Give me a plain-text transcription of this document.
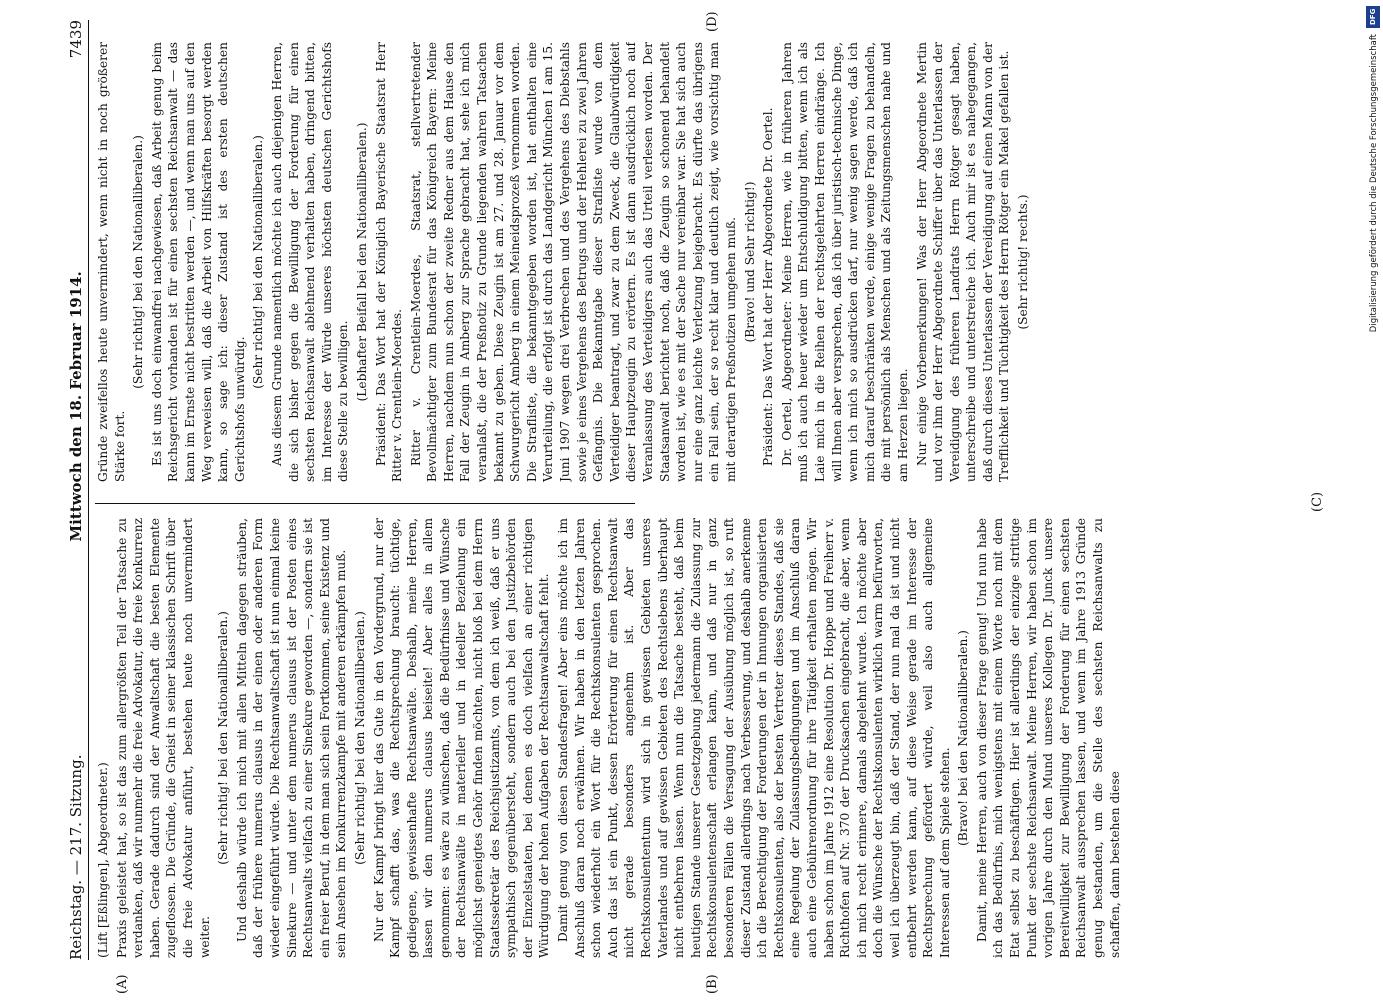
Reichstag. — 217. Sitzung.
Mittwoch den 18. Februar 1914.
7439
(A)	(B)
(C)
(D)

(Lift [Eßlingen], Abgeordneter.) Praxis geleistet hat, so ist das zum allergrößten Teil der Tatsache zu verdanken, daß wir nunmehr die freie Advokatur, die freie Konkurrenz haben. Gerade dadurch sind der Anwaltschaft die besten Elemente zugeflossen. Die Gründe, die Gneist in seiner klassischen Schrift über die freie Advokatur anführt, bestehen heute noch unvermindert weiter.

(Sehr richtig! bei den Nationalliberalen.) Und deshalb würde ich mich mit allen Mitteln dagegen sträuben, daß der frühere numerus clausus in der einen oder anderen Form wieder eingeführt würde. Die Rechtsanwaltschaft ist nun einmal keine Sinekure — und unter dem numerus clausus ist der Posten eines Rechtsanwalts vielfach zu einer Sinekure geworden —, sondern sie ist ein freier Beruf, in dem man sich sein Fortkommen, seine Existenz und sein Ansehen im Konkurrenzkampfe mit anderen erkämpfen muß. (Sehr richtig! bei den Nationalliberalen.) Nur der Kampf bringt hier das Gute in den Vordergrund, nur der Kampf schafft das, was die Rechtsprechung braucht: tüchtige, gediegene, gewissenhafte Rechtsanwälte. Deshalb, meine Herren, lassen wir den numerus clausus beiseite! Aber alles in allem genommen: es wäre zu wünschen, daß die Bedürfnisse und Wünsche der Rechtsanwälte in materieller und in ideeller Beziehung ein möglichst geneigtes Gehör finden möchten, nicht bloß bei dem Herrn Staatssekretär des Reichsjustizamts, von dem ich weiß, daß er uns sympathisch gegenübersteht, sondern auch bei den Justizbehörden der Einzelstaaten, bei denen es doch vielfach an einer richtigen Würdigung der hohen Aufgaben der Rechtsanwaltschaft fehlt. Damit genug von diesen Standesfragen! Aber eins möchte ich im Anschluß daran noch erwähnen. Wir haben in den letzten Jahren schon wiederholt ein Wort für die Rechtskonsulenten gesprochen. Auch das ist ein Punkt, dessen Erörterung für einen Rechtsanwalt nicht gerade besonders angenehm ist. Aber das Rechtskonsulententum wird sich in gewissen Gebieten unseres Vaterlandes und auf gewissen Gebieten des Rechtslebens überhaupt nicht entbehren lassen. Wenn nun die Tatsache besteht, daß beim heutigen Stande unserer Gesetzgebung jedermann die Zulassung zur Rechtskonsulentenschaft erlangen kann, und daß nur in ganz besonderen Fällen die Versagung der Ausübung möglich ist, so ruft dieser Zustand allerdings nach Verbesserung, und deshalb anerkenne ich die Berechtigung der Forderungen der in Innungen organisierten Rechtskonsulenten, also der besten Vertreter dieses Standes, daß sie eine Regelung der Zulassungsbedingungen und im Anschluß daran auch eine Gebührenordnung für ihre Tätigkeit erhalten mögen. Wir haben schon im Jahre 1912 eine Resolution Dr. Hoppe und Freiherr v. Richthofen auf Nr. 370 der Drucksachen eingebracht, die aber, wenn ich mich recht erinnere, damals abgelehnt wurde. Ich möchte aber doch die Wünsche der Rechtskonsulenten wirklich warm befürworten, weil ich überzeugt bin, daß der Stand, der nun mal da ist und nicht entbehrt werden kann, auf diese Weise gerade im Interesse der Rechtsprechung gefördert würde, weil also auch allgemeine Interessen auf dem Spiele stehen.

(Bravo! bei den Nationalliberalen.) Damit, meine Herren, auch von dieser Frage genug! Und nun habe ich das Bedürfnis, mich wenigstens mit einem Worte noch mit dem Etat selbst zu beschäftigen. Hier ist allerdings der einzige strittige Punkt der sechste Reichsanwalt. Meine Herren, wir haben schon im vorigen Jahre durch den Mund unseres Kollegen Dr. Junck unsere Bereitwilligkeit zur Bewilligung der Forderung für einen sechsten Reichsanwalt aussprechen lassen, und wenn im Jahre 1913 Gründe genug bestanden, um die Stelle des sechsten Reichsanwalts zu schaffen, dann bestehen diese

Gründe zweifellos heute unvermindert, wenn nicht in noch größerer Stärke fort.

(Sehr richtig! bei den Nationalliberalen.) Es ist uns doch einwandfrei nachgewiesen, daß Arbeit genug beim Reichsgericht vorhanden ist für einen sechsten Reichsanwalt — das kann im Ernste nicht bestritten werden —, und wenn man uns auf den Weg verweisen will, daß die Arbeit von Hilfskräften besorgt werden kann, so sage ich: dieser Zustand ist des ersten deutschen Gerichtshofs unwürdig.

(Sehr richtig! bei den Nationalliberalen.) Aus diesem Grunde namentlich möchte ich auch diejenigen Herren, die sich bisher gegen die Bewilligung der Forderung für einen sechsten Reichsanwalt ablehnend verhalten haben, dringend bitten, im Interesse der Würde unseres höchsten deutschen Gerichtshofs diese Stelle zu bewilligen. (Lebhafter Beifall bei den Nationalliberalen.) Präsident: Das Wort hat der Königlich Bayerische Staatsrat Herr Ritter v. Crentlein-Moerdes. Ritter v. Crentlein-Moerdes, Staatsrat, stellvertretender Bevollmächtigter zum Bundesrat für das Königreich Bayern: Meine Herren, nachdem nun schon der zweite Redner aus dem Hause den Fall der Zeugin in Amberg zur Sprache gebracht hat, sehe ich mich veranlaßt, die der Preßnotiz zu Grunde liegenden wahren Tatsachen bekannt zu geben. Diese Zeugin ist am 27. und 28. Januar vor dem Schwurgericht Amberg in einem Meineidsprozeß vernommen worden. Die Strafliste, die bekanntgegeben worden ist, hat enthalten eine Verurteilung, die erfolgt ist durch das Landgericht München I am 15. Juni 1907 wegen drei Verbrechen und des Vergehens des Diebstahls sowie je eines Vergehens des Betrugs und der Hehlerei zu zwei Jahren Gefängnis. Die Bekanntgabe dieser Strafliste wurde von dem Verteidiger beantragt, und zwar zu dem Zweck, die Glaubwürdigkeit dieser Hauptzeugin zu erörtern. Es ist dann ausdrücklich noch auf Veranlassung des Verteidigers auch das Urteil verlesen worden. Der Staatsanwalt berichtet noch, daß die Zeugin so schonend behandelt worden ist, wie es mit der Sache nur vereinbar war. Sie hat sich auch nur eine ganz leichte Verletzung beigebracht. Es dürfte das übrigens ein Fall sein, der so recht klar und deutlich zeigt, wie vorsichtig man mit derartigen Preßnotizen umgehen muß. (Bravo! und Sehr richtig!) Präsident: Das Wort hat der Herr Abgeordnete Dr. Oertel. Dr. Oertel, Abgeordneter: Meine Herren, wie in früheren Jahren muß ich auch heuer wieder um Entschuldigung bitten, wenn ich als Laie mich in die Reihen der rechtsgelehrten Herren eindränge. Ich will Ihnen aber versprechen, daß ich über juristisch-technische Dinge, wenn ich mich so ausdrücken darf, nur wenig sagen werde, daß ich mich darauf beschränken werde, einige wenige Fragen zu behandeln, die mit persönlich als Menschen und als Zeitungsmenschen nahe und am Herzen liegen. Nur einige Vorbemerkungen! Was der Herr Abgeordnete Mertin und vor ihm der Herr Abgeordnete Schiffer über das Unterlassen der Vereidigung des früheren Landrats Herrn Rötger gesagt haben, unterschreibe und unterstreiche ich. Auch mir ist es nahegegangen, daß durch dieses Unterlassen der Vereidigung auf einen Mann von der Trefflichkeit und Tüchtigkeit des Herrn Rötger ein Makel gefallen ist. (Sehr richtig! rechts.)

DFG
Digitalisierung gefördert durch die Deutsche Forschungsgemeinschaft
